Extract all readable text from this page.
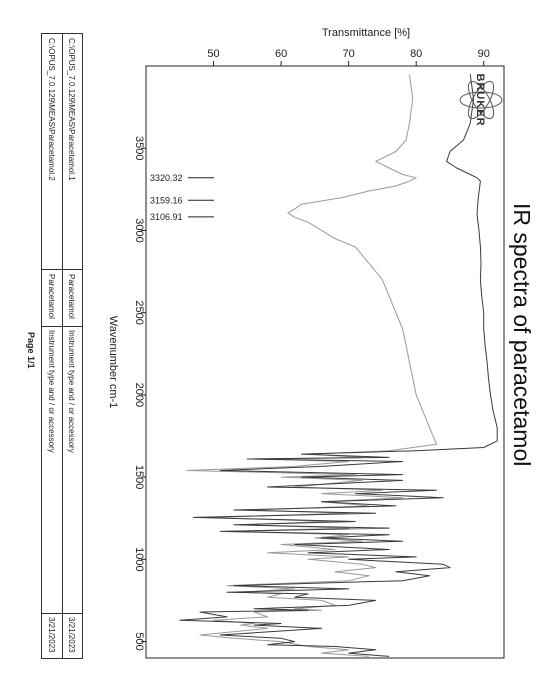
3500
3000
2500
2000
1500
1000
500
50	60	70	80	90
3320.32
3159.16
3106.91
Transmittance [%]
Wavenumber cm-1
BRUKER
IR spectra of paracetamol
C:\OPUS_7.0.129\MEAS\Paracetamol.1
Paracetamol
Instrument type and / or accessory
3/21/2023
C:\OPUS_7.0.129\MEAS\Paracetamol.2
Paracetamol
Instrument type and / or accessory
3/21/2023
Page 1/1
